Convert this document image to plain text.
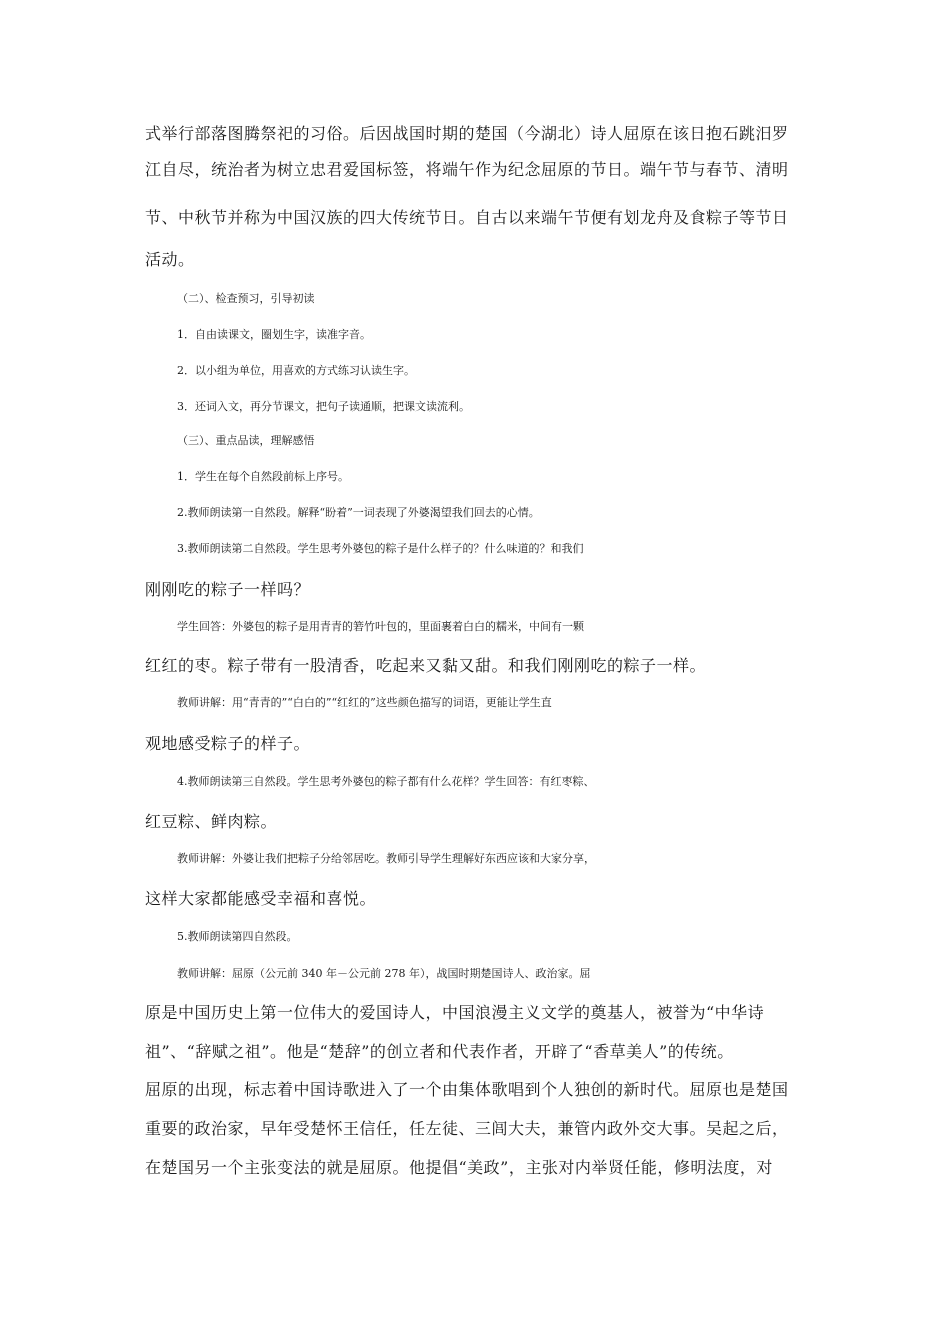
式举行部落图腾祭祀的习俗。后因战国时期的楚国（今湖北）诗人屈原在该日抱石跳汨罗
江自尽，统治者为树立忠君爱国标签，将端午作为纪念屈原的节日。端午节与春节、清明
节、中秋节并称为中国汉族的四大传统节日。自古以来端午节便有划龙舟及食粽子等节日
活动。
（二）、检查预习，引导初读
1．自由读课文，圈划生字，读准字音。
2．以小组为单位，用喜欢的方式练习认读生字。
3．还词入文，再分节课文，把句子读通顺，把课文读流利。
（三）、重点品读，理解感悟
1．学生在每个自然段前标上序号。
2.教师朗读第一自然段。解释“盼着”一词表现了外婆渴望我们回去的心情。
3.教师朗读第二自然段。学生思考外婆包的粽子是什么样子的？什么味道的？和我们
刚刚吃的粽子一样吗？
学生回答：外婆包的粽子是用青青的箬竹叶包的，里面裹着白白的糯米，中间有一颗
红红的枣。粽子带有一股清香，吃起来又黏又甜。和我们刚刚吃的粽子一样。
教师讲解：用“青青的”“白白的”“红红的”这些颜色描写的词语，更能让学生直
观地感受粽子的样子。
4.教师朗读第三自然段。学生思考外婆包的粽子都有什么花样？学生回答：有红枣粽、
红豆粽、鲜肉粽。
教师讲解：外婆让我们把粽子分给邻居吃。教师引导学生理解好东西应该和大家分享，
这样大家都能感受幸福和喜悦。
5.教师朗读第四自然段。
教师讲解：屈原（公元前 340 年－公元前 278 年），战国时期楚国诗人、政治家。屈
原是中国历史上第一位伟大的爱国诗人，中国浪漫主义文学的奠基人，被誉为“中华诗
祖”、“辞赋之祖”。他是“楚辞”的创立者和代表作者，开辟了“香草美人”的传统。
屈原的出现，标志着中国诗歌进入了一个由集体歌唱到个人独创的新时代。屈原也是楚国
重要的政治家，早年受楚怀王信任，任左徒、三闾大夫，兼管内政外交大事。吴起之后，
在楚国另一个主张变法的就是屈原。他提倡“美政”，主张对内举贤任能，修明法度，对
